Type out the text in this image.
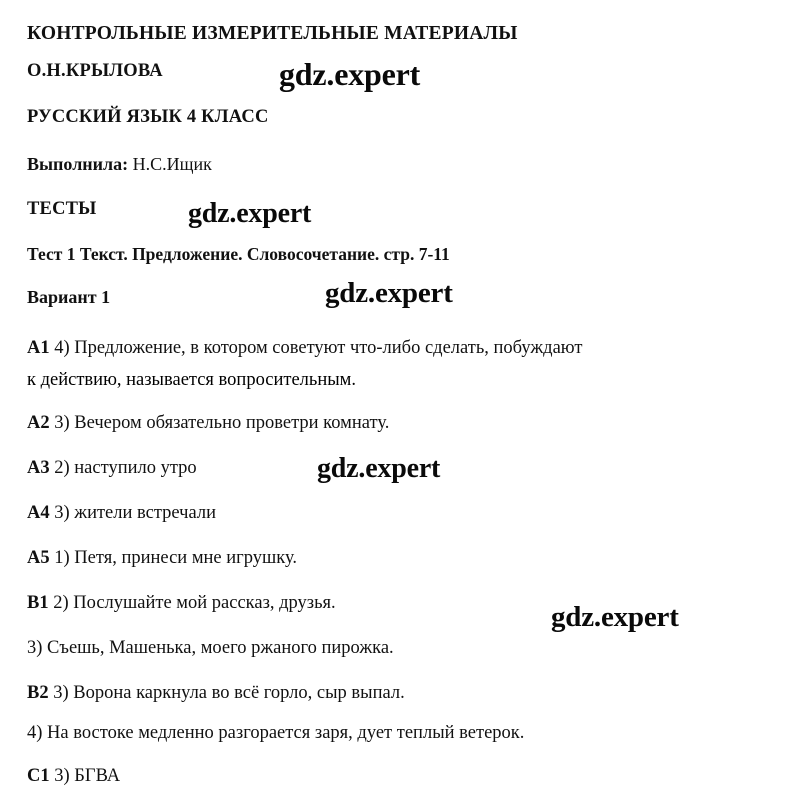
КОНТРОЛЬНЫЕ ИЗМЕРИТЕЛЬНЫЕ МАТЕРИАЛЫ
О.Н.КРЫЛОВА
РУССКИЙ ЯЗЫК 4 КЛАСС
Выполнила: Н.С.Ищик
ТЕСТЫ
Тест 1 Текст. Предложение. Словосочетание. стр. 7-11
Вариант 1
A1 4) Предложение, в котором советуют что-либо сделать, побуждают
к действию, называется вопросительным.
A2 3) Вечером обязательно проветри комнату.
A3 2) наступило утро
A4 3) жители встречали
A5 1) Петя, принеси мне игрушку.
B1 2) Послушайте мой рассказ, друзья.
3) Съешь, Машенька, моего ржаного пирожка.
B2 3) Ворона каркнула во всё горло, сыр выпал.
4) На востоке медленно разгорается заря, дует теплый ветерок.
C1 3) БГВА
gdz.expert
gdz.expert
gdz.expert
gdz.expert
gdz.expert
